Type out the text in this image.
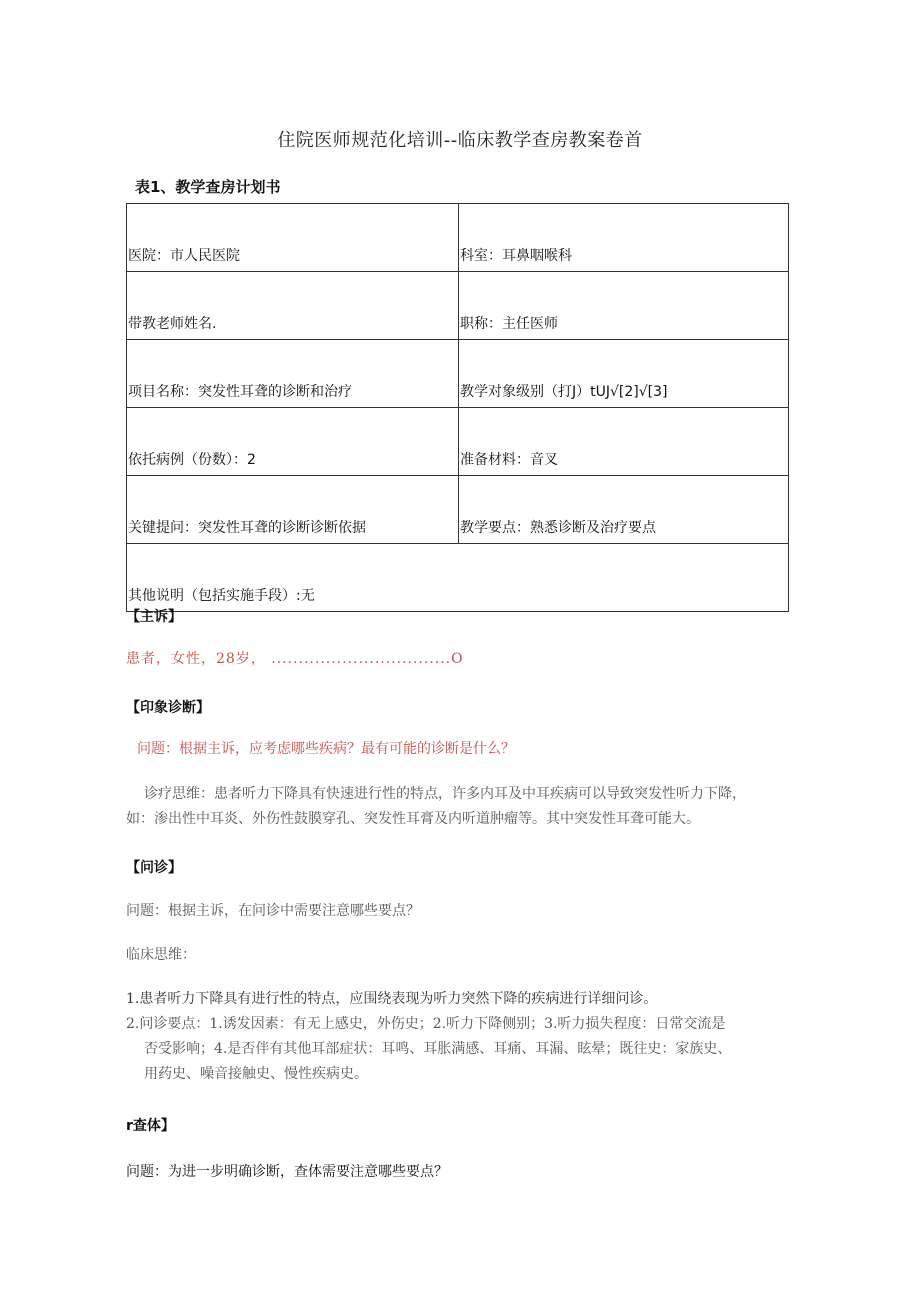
住院医师规范化培训--临床教学查房教案卷首
表1、教学查房计划书
医院：市人民医院	科室：耳鼻咽喉科
带教老师姓名.	职称：主任医师
项目名称：突发性耳聋的诊断和治疗	教学对象级别（打J）tUJ√[2]√[3]
依托病例（份数）：2	准备材料：音叉
关键提问：突发性耳聋的诊断诊断依据	教学要点：熟悉诊断及治疗要点
其他说明（包括实施手段）:无	
【主诉】
患者，女性，28岁， .................................O
【印象诊断】
问题：根据主诉，应考虑哪些疾病？最有可能的诊断是什么？
诊疗思维：患者听力下降具有快速进行性的特点，许多内耳及中耳疾病可以导致突发性听力下降，
如：渗出性中耳炎、外伤性鼓膜穿孔、突发性耳膏及内听道肿瘤等。其中突发性耳聋可能大。
【问诊】
问题：根据主诉，在问诊中需要注意哪些要点？
临床思维：
1.患者听力下降具有进行性的特点，应围绕表现为听力突然下降的疾病进行详细问诊。
2.问诊要点：1.诱发因素：有无上感史，外伤史；2.听力下降侧别；3.听力损失程度：日常交流是
否受影响；4.是否伴有其他耳部症状：耳鸣、耳胀满感、耳痛、耳漏、眩晕；既往史：家族史、
用药史、噪音接触史、慢性疾病史。
r查体】
问题：为进一步明确诊断，查体需要注意哪些要点？
